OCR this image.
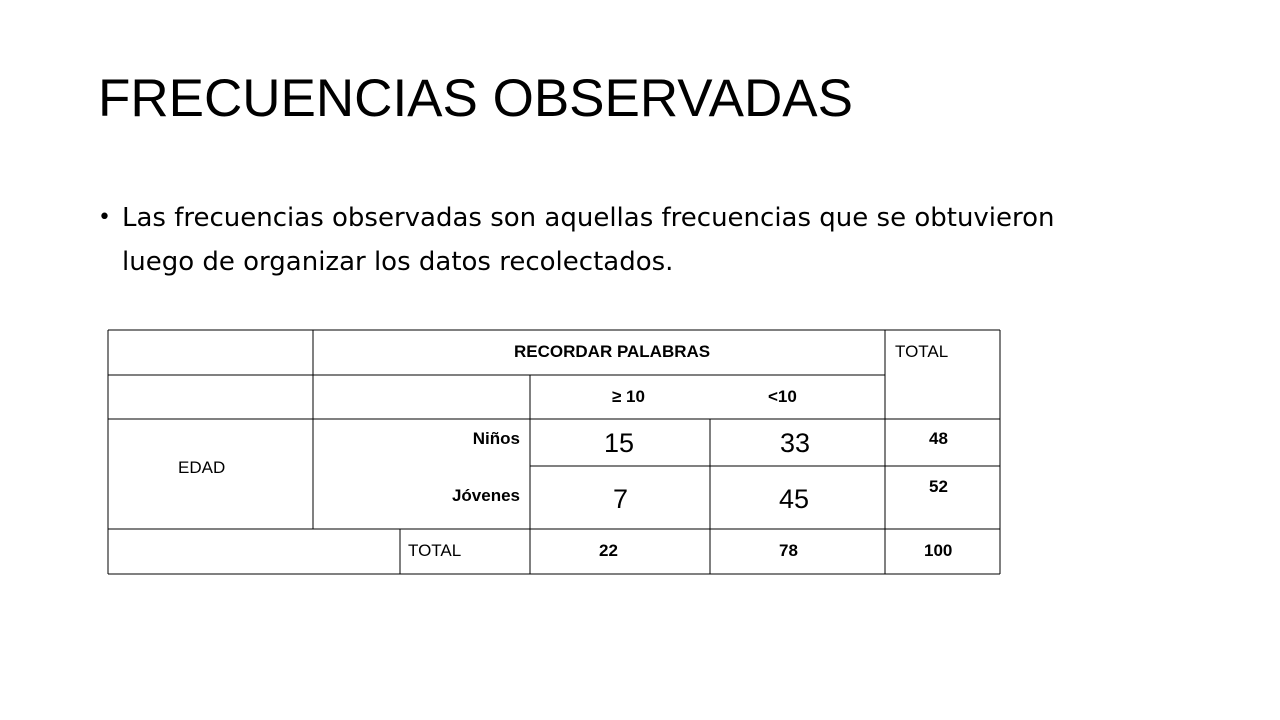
FRECUENCIAS OBSERVADAS
• Las frecuencias observadas son aquellas frecuencias que se obtuvieron luego de organizar los datos recolectados.
RECORDAR PALABRAS	TOTAL
≥ 10	<10
EDAD
Niños	15	33	48
Jóvenes	7	45	52
TOTAL	22	78	100
